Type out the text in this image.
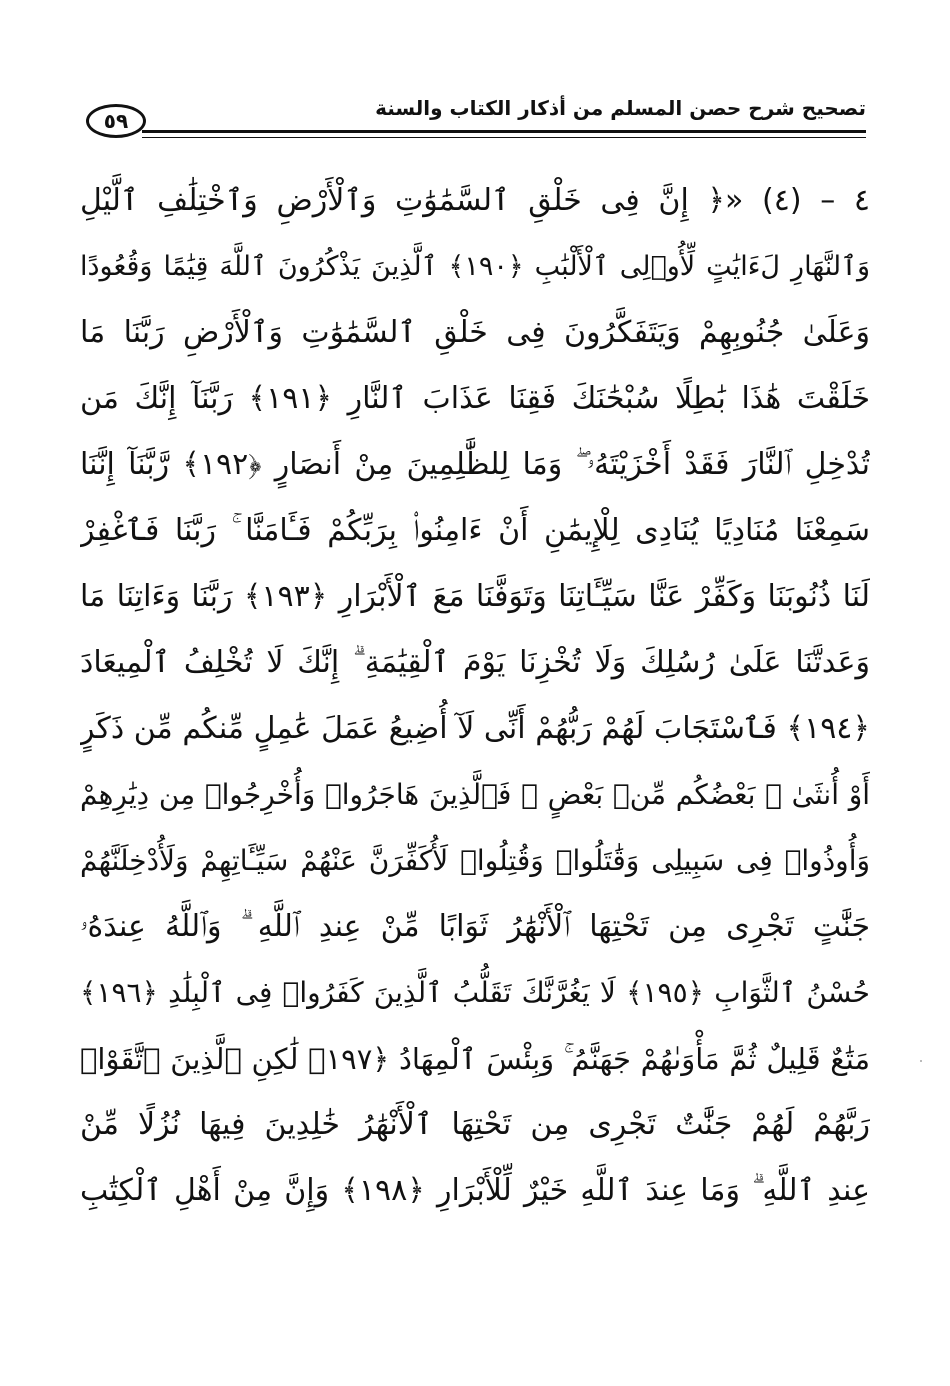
تصحيح شرح حصن المسلم من أذكار الكتاب والسنة
٥٩
٤ – (٤) «﴿ إِنَّ فِى خَلْقِ ٱلسَّمَٰوَٰتِ وَٱلْأَرْضِ وَٱخْتِلَٰفِ ٱلَّيْلِ
وَٱلنَّهَارِ لَءَايَٰتٍ لِّأُو۟لِى ٱلْأَلْبَٰبِ ﴿١٩٠﴾ ٱلَّذِينَ يَذْكُرُونَ ٱللَّهَ قِيَٰمًا وَقُعُودًا
وَعَلَىٰ جُنُوبِهِمْ وَيَتَفَكَّرُونَ فِى خَلْقِ ٱلسَّمَٰوَٰتِ وَٱلْأَرْضِ رَبَّنَا مَا
خَلَقْتَ هَٰذَا بَٰطِلًا سُبْحَٰنَكَ فَقِنَا عَذَابَ ٱلنَّارِ ﴿١٩١﴾ رَبَّنَآ إِنَّكَ مَن
تُدْخِلِ ٱلنَّارَ فَقَدْ أَخْزَيْتَهُۥ ۖ وَمَا لِلظَّٰلِمِينَ مِنْ أَنصَارٍ ﴿١٩٢﴾ رَّبَّنَآ إِنَّنَا
سَمِعْنَا مُنَادِيًا يُنَادِى لِلْإِيمَٰنِ أَنْ ءَامِنُوا۟ بِرَبِّكُمْ فَـَٔامَنَّا ۚ رَبَّنَا فَٱغْفِرْ
لَنَا ذُنُوبَنَا وَكَفِّرْ عَنَّا سَيِّـَٔاتِنَا وَتَوَفَّنَا مَعَ ٱلْأَبْرَارِ ﴿١٩٣﴾ رَبَّنَا وَءَاتِنَا مَا
وَعَدتَّنَا عَلَىٰ رُسُلِكَ وَلَا تُخْزِنَا يَوْمَ ٱلْقِيَٰمَةِ ۗ إِنَّكَ لَا تُخْلِفُ ٱلْمِيعَادَ
﴿١٩٤﴾ فَٱسْتَجَابَ لَهُمْ رَبُّهُمْ أَنِّى لَآ أُضِيعُ عَمَلَ عَٰمِلٍ مِّنكُم مِّن ذَكَرٍ
أَوْ أُنثَىٰ ۖ بَعْضُكُم مِّنۢ بَعْضٍ ۖ فَٱلَّذِينَ هَاجَرُوا۟ وَأُخْرِجُوا۟ مِن دِيَٰرِهِمْ
وَأُوذُوا۟ فِى سَبِيلِى وَقَٰتَلُوا۟ وَقُتِلُوا۟ لَأُكَفِّرَنَّ عَنْهُمْ سَيِّـَٔاتِهِمْ وَلَأُدْخِلَنَّهُمْ
جَنَّٰتٍ تَجْرِى مِن تَحْتِهَا ٱلْأَنْهَٰرُ ثَوَابًا مِّنْ عِندِ ٱللَّهِ ۗ وَٱللَّهُ عِندَهُۥ
حُسْنُ ٱلثَّوَابِ ﴿١٩٥﴾ لَا يَغُرَّنَّكَ تَقَلُّبُ ٱلَّذِينَ كَفَرُوا۟ فِى ٱلْبِلَٰدِ ﴿١٩٦﴾
مَتَٰعٌ قَلِيلٌ ثُمَّ مَأْوَىٰهُمْ جَهَنَّمُ ۚ وَبِئْسَ ٱلْمِهَادُ ﴿١٩٧﴾ لَٰكِنِ ٱلَّذِينَ ٱتَّقَوْا۟
رَبَّهُمْ لَهُمْ جَنَّٰتٌ تَجْرِى مِن تَحْتِهَا ٱلْأَنْهَٰرُ خَٰلِدِينَ فِيهَا نُزُلًا مِّنْ
عِندِ ٱللَّهِ ۗ وَمَا عِندَ ٱللَّهِ خَيْرٌ لِّلْأَبْرَارِ ﴿١٩٨﴾ وَإِنَّ مِنْ أَهْلِ ٱلْكِتَٰبِ
